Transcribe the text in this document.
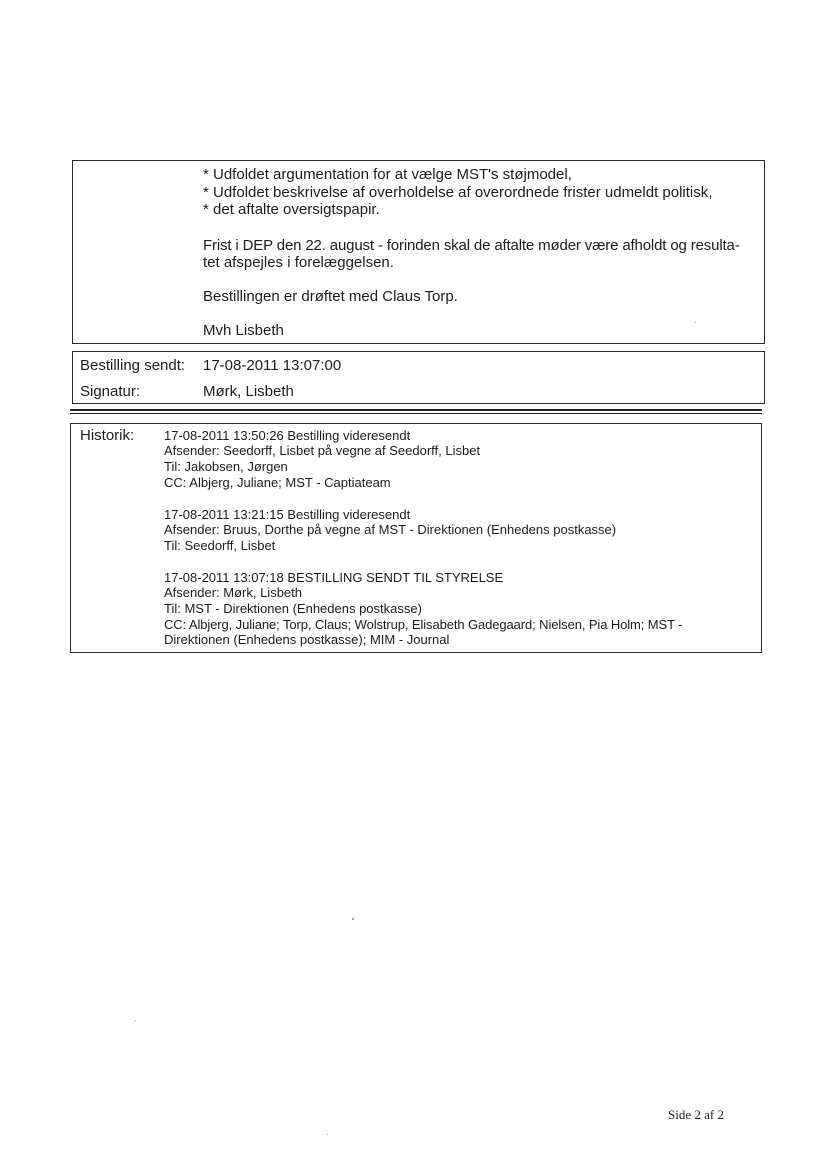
* Udfoldet argumentation for at vælge MST's støjmodel,
* Udfoldet beskrivelse af overholdelse af overordnede frister udmeldt politisk,
* det aftalte oversigtspapir.
Frist i DEP den 22. august - forinden skal de aftalte møder være afholdt og resulta-
tet afspejles i forelæggelsen.
Bestillingen er drøftet med Claus Torp.
Mvh Lisbeth
Bestilling sendt: 17-08-2011 13:07:00
Signatur:	Mørk, Lisbeth
Historik: 17-08-2011 13:50:26 Bestilling videresendt
Afsender: Seedorff, Lisbet på vegne af Seedorff, Lisbet
Til: Jakobsen, Jørgen
CC: Albjerg, Juliane; MST - Captiateam
17-08-2011 13:21:15 Bestilling videresendt
Afsender: Bruus, Dorthe på vegne af MST - Direktionen (Enhedens postkasse)
Til: Seedorff, Lisbet
17-08-2011 13:07:18 BESTILLING SENDT TIL STYRELSE
Afsender: Mørk, Lisbeth
Til: MST - Direktionen (Enhedens postkasse)
CC: Albjerg, Juliane; Torp, Claus; Wolstrup, Elisabeth Gadegaard; Nielsen, Pia Holm; MST -
Direktionen (Enhedens postkasse); MIM - Journal
Side 2 af 2
